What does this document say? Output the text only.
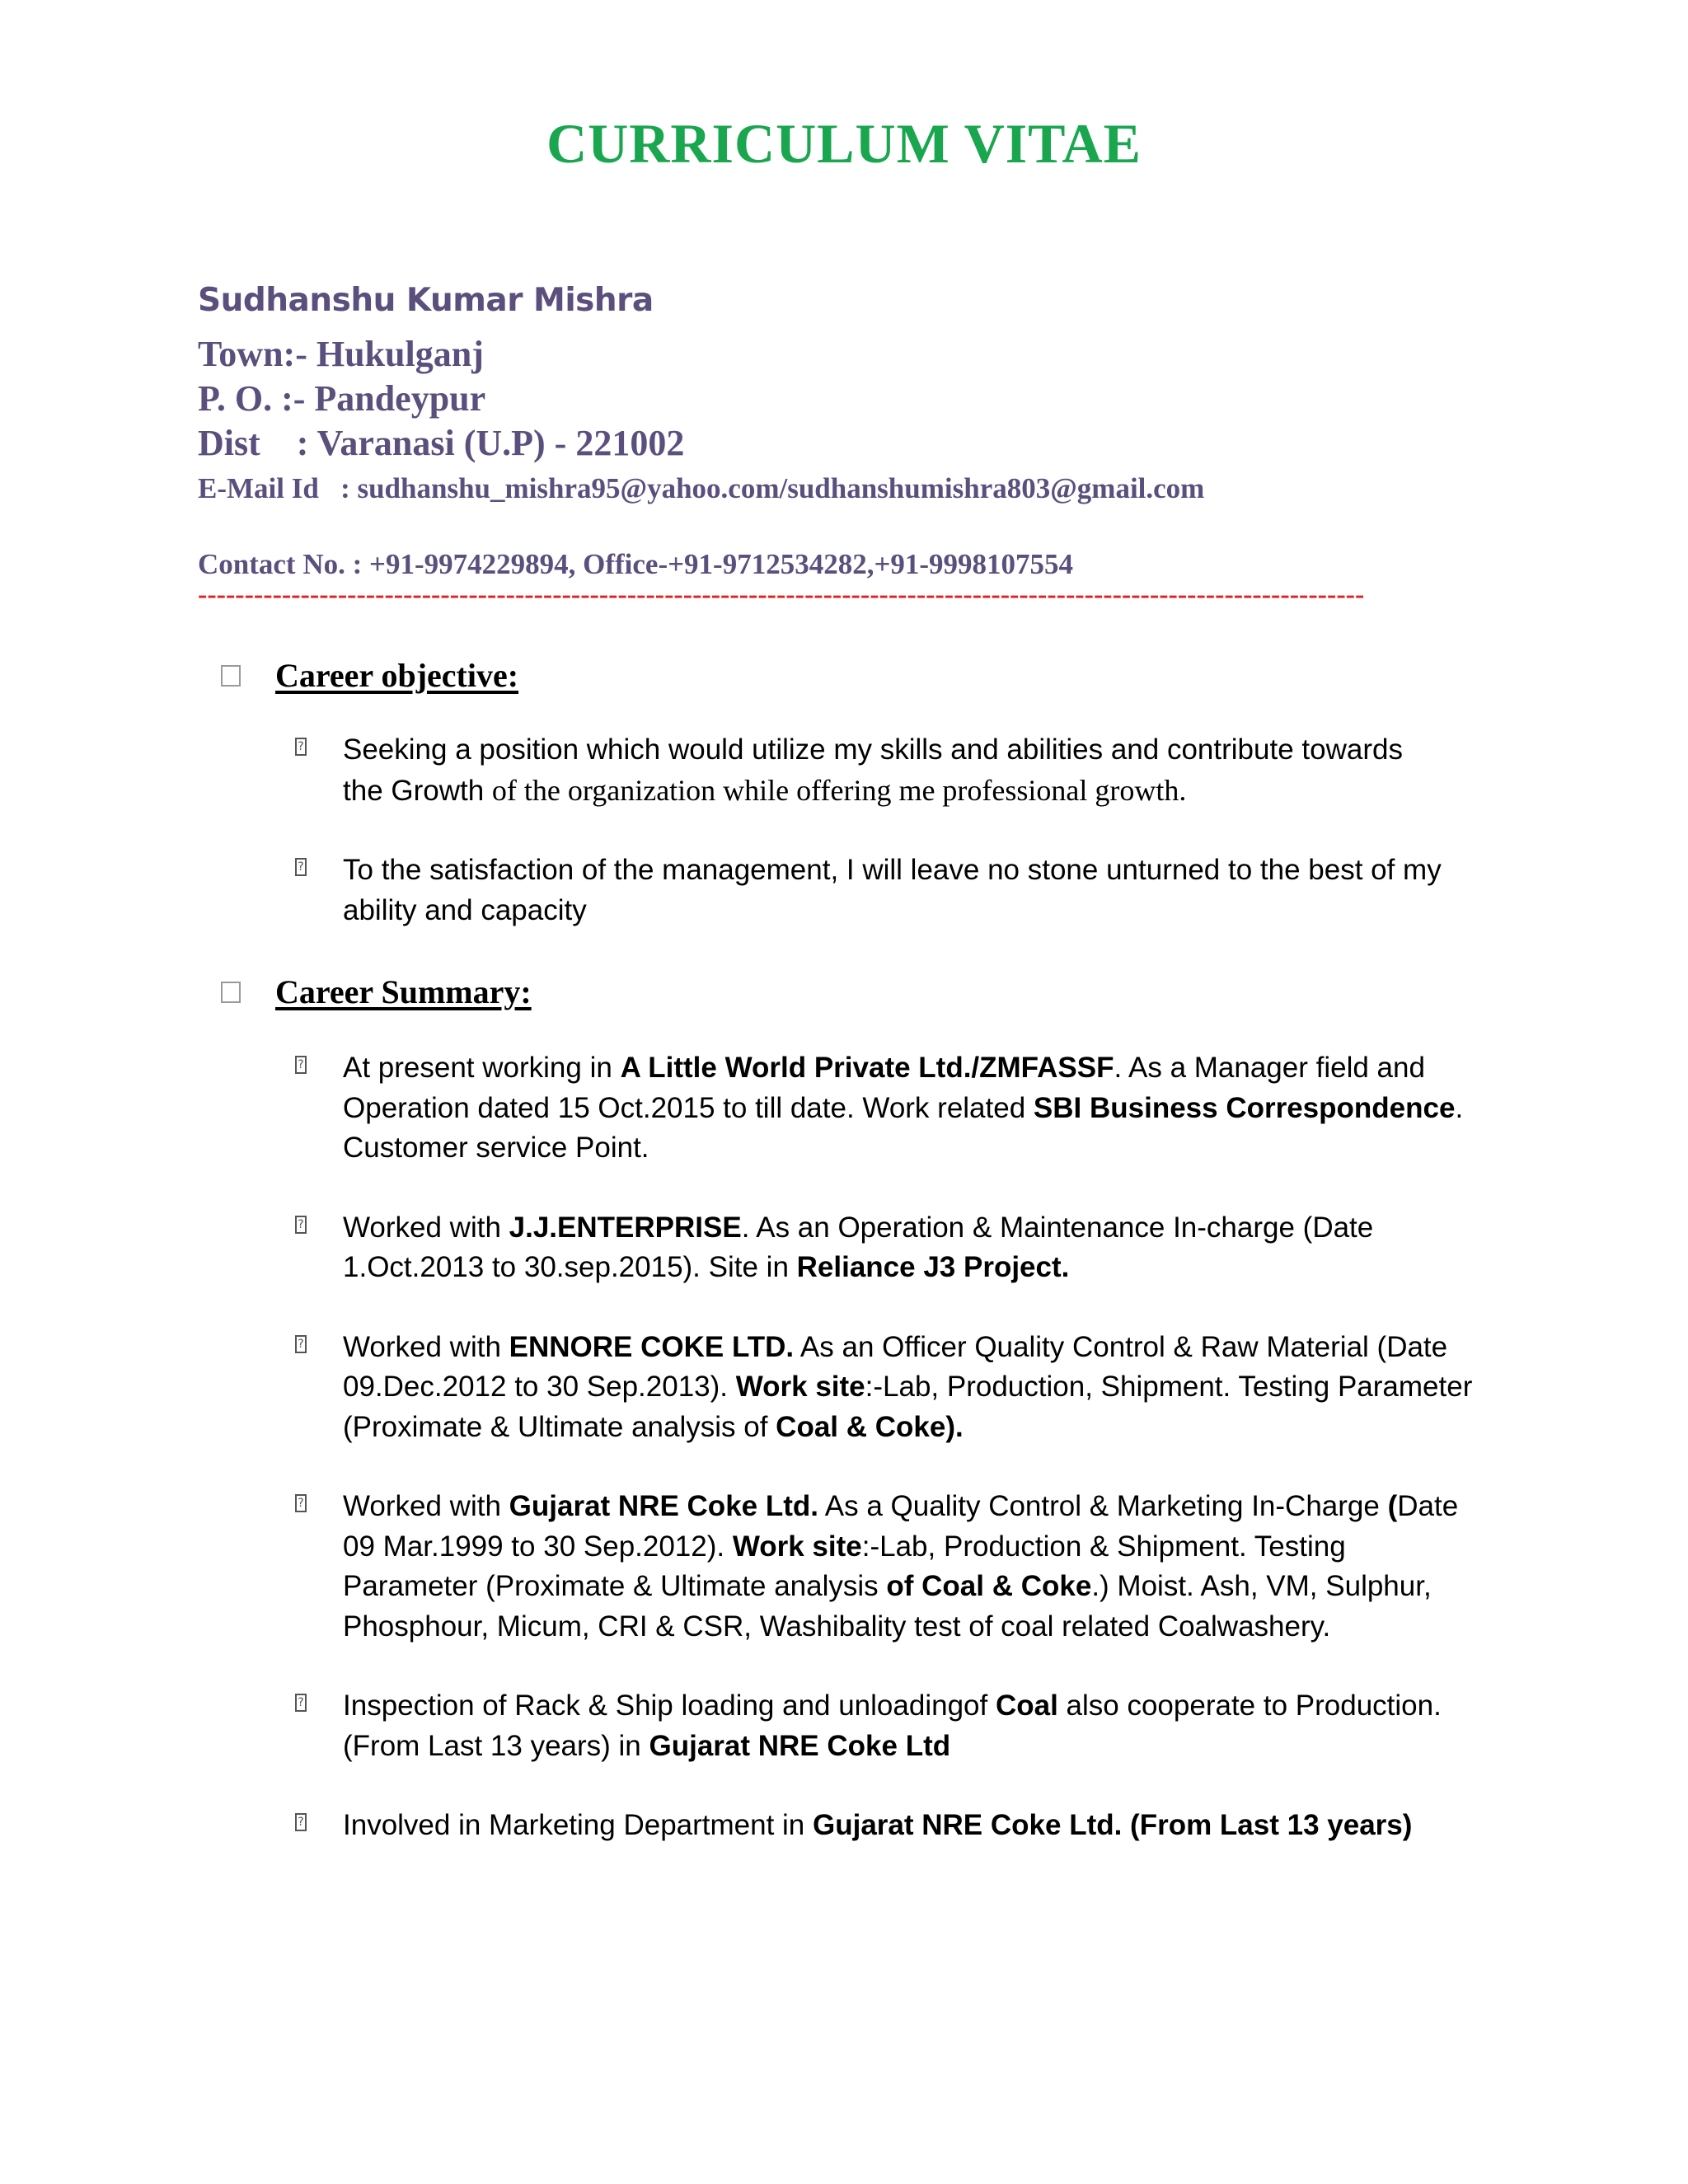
CURRICULUM VITAE
Sudhanshu Kumar Mishra
Town:- Hukulganj
P. O. :- Pandeypur
Dist    : Varanasi (U.P) - 221002
E-Mail Id   : sudhanshu_mishra95@yahoo.com/sudhanshumishra803@gmail.com
Contact No. : +91-9974229894, Office-+91-9712534282,+91-9998107554
-----------------------------------------------------------------------------------------------------------------------------
Career objective:
? Seeking a position which would utilize my skills and abilities and contribute towards
the Growth of the organization while offering me professional growth.
? To the satisfaction of the management, I will leave no stone unturned to the best of my ability and capacity
Career Summary:
? At present working in A Little World Private Ltd./ZMFASSF. As a Manager field and Operation dated 15 Oct.2015 to till date. Work related SBI Business Correspondence. Customer service Point.
? Worked with J.J.ENTERPRISE. As an Operation & Maintenance In-charge (Date 1.Oct.2013 to 30.sep.2015). Site in Reliance J3 Project.
? Worked with ENNORE COKE LTD. As an Officer Quality Control & Raw Material (Date 09.Dec.2012 to 30 Sep.2013). Work site:-Lab, Production, Shipment. Testing Parameter (Proximate & Ultimate analysis of Coal & Coke).
? Worked with Gujarat NRE Coke Ltd. As a Quality Control & Marketing In-Charge (Date 09 Mar.1999 to 30 Sep.2012). Work site:-Lab, Production & Shipment. Testing Parameter (Proximate & Ultimate analysis of Coal & Coke.) Moist. Ash, VM, Sulphur, Phosphour, Micum, CRI & CSR, Washibality test of coal related Coalwashery.
? Inspection of Rack & Ship loading and unloadingof Coal also cooperate to Production. (From Last 13 years) in Gujarat NRE Coke Ltd
? Involved in Marketing Department in Gujarat NRE Coke Ltd. (From Last 13 years)
